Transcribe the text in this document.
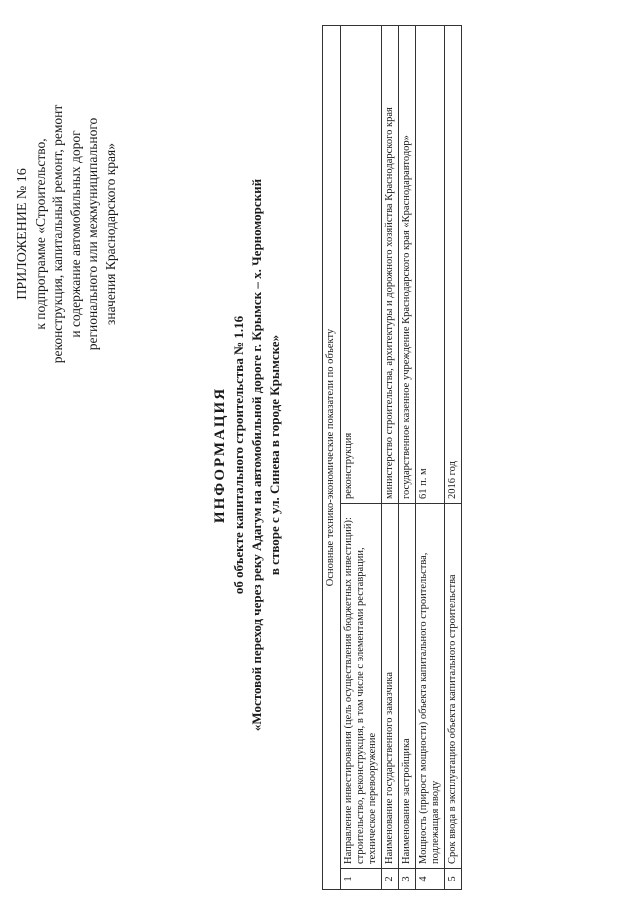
ПРИЛОЖЕНИЕ № 16 к подпрограмме «Строительство, реконструкция, капитальный ремонт, ремонт и содержание автомобильных дорог регионального или межмуниципального значения Краснодарского края»
ИНФОРМАЦИЯ об объекте капитального строительства № 1.16 «Мостовой переход через реку Адагум на автомобильной дороге г. Крымск – х. Черноморский в створе с ул. Синева в городе Крымске»	Основные технико-экономические показатели по объекту		
1	Направление инвестирования (цель осуществления бюджетных инвестиций): строительство, реконструкция, в том числе с элементами реставрации, техническое перевооружение	реконструкция
2	Наименование государственного заказчика	министерство строительства, архитектуры и дорожного хозяйства Краснодарского края
3	Наименование застройщика	государственное казенное учреждение Краснодарского края «Краснодаравтодор»
4	Мощность (прирост мощности) объекта капитального строительства, подлежащая вводу	61 п. м
5	Срок ввода в эксплуатацию объекта капитального строительства	2016 год
